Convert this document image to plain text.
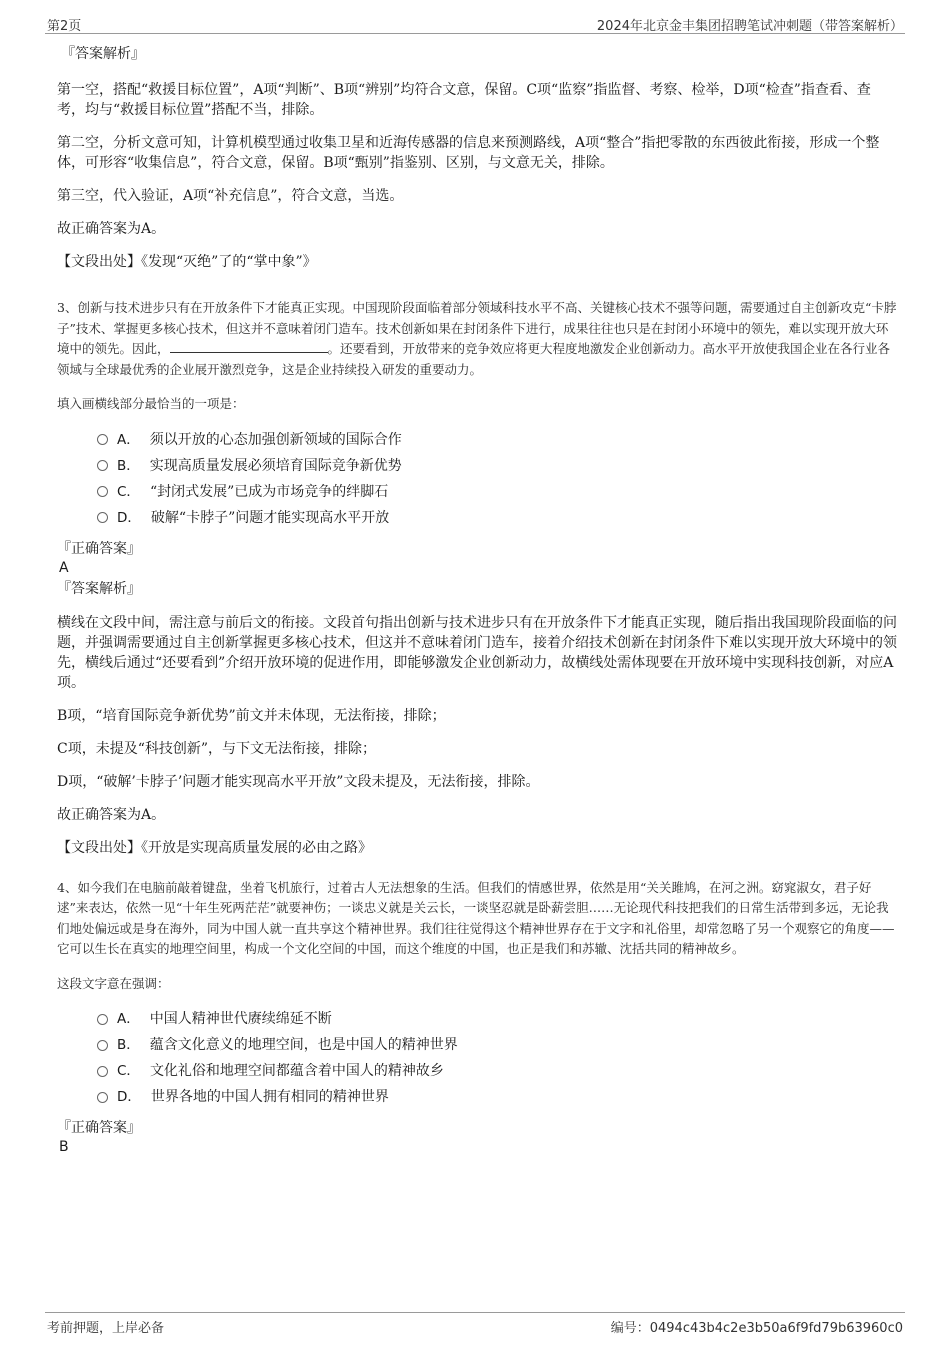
第2页	2024年北京金丰集团招聘笔试冲刺题（带答案解析）

『答案解析』

第一空，搭配“救援目标位置”，A项“判断”、B项“辨别”均符合文意，保留。C项“监察”指监督、考察、检举，D项“检查”指查看、查考，均与“救援目标位置”搭配不当，排除。

第二空，分析文意可知，计算机模型通过收集卫星和近海传感器的信息来预测路线，A项“整合”指把零散的东西彼此衔接，形成一个整体，可形容“收集信息”，符合文意，保留。B项“甄别”指鉴别、区别，与文意无关，排除。

第三空，代入验证，A项“补充信息”，符合文意，当选。

故正确答案为A。

【文段出处】《发现“灭绝”了的“掌中象”》

3、创新与技术进步只有在开放条件下才能真正实现。中国现阶段面临着部分领域科技水平不高、关键核心技术不强等问题，需要通过自主创新攻克“卡脖子”技术、掌握更多核心技术，但这并不意味着闭门造车。技术创新如果在封闭条件下进行，成果往往也只是在封闭小环境中的领先，难以实现开放大环境中的领先。因此，	。还要看到，开放带来的竞争效应将更大程度地激发企业创新动力。高水平开放使我国企业在各行业各领域与全球最优秀的企业展开激烈竞争，这是企业持续投入研发的重要动力。

填入画横线部分最恰当的一项是：

A． 须以开放的心态加强创新领域的国际合作
B． 实现高质量发展必须培育国际竞争新优势
C． “封闭式发展”已成为市场竞争的绊脚石
D． 破解“卡脖子”问题才能实现高水平开放

『正确答案』

A

『答案解析』

横线在文段中间，需注意与前后文的衔接。文段首句指出创新与技术进步只有在开放条件下才能真正实现，随后指出我国现阶段面临的问题，并强调需要通过自主创新掌握更多核心技术，但这并不意味着闭门造车，接着介绍技术创新在封闭条件下难以实现开放大环境中的领先，横线后通过“还要看到”介绍开放环境的促进作用，即能够激发企业创新动力，故横线处需体现要在开放环境中实现科技创新，对应A项。

B项，“培育国际竞争新优势”前文并未体现，无法衔接，排除；

C项，未提及“科技创新”，与下文无法衔接，排除；

D项，“破解’卡脖子’问题才能实现高水平开放”文段未提及，无法衔接，排除。

故正确答案为A。

【文段出处】《开放是实现高质量发展的必由之路》

4、如今我们在电脑前敲着键盘，坐着飞机旅行，过着古人无法想象的生活。但我们的情感世界，依然是用“关关雎鸠，在河之洲。窈窕淑女，君子好逑”来表达，依然一见“十年生死两茫茫”就要神伤；一谈忠义就是关云长，一谈坚忍就是卧薪尝胆……无论现代科技把我们的日常生活带到多远，无论我们地处偏远或是身在海外，同为中国人就一直共享这个精神世界。我们往往觉得这个精神世界存在于文字和礼俗里，却常忽略了另一个观察它的角度——它可以生长在真实的地理空间里，构成一个文化空间的中国，而这个维度的中国，也正是我们和苏辙、沈括共同的精神故乡。

这段文字意在强调：

A． 中国人精神世代赓续绵延不断
B． 蕴含文化意义的地理空间，也是中国人的精神世界
C． 文化礼俗和地理空间都蕴含着中国人的精神故乡
D． 世界各地的中国人拥有相同的精神世界

『正确答案』

B

考前押题，上岸必备	编号：0494c43b4c2e3b50a6f9fd79b63960c0
